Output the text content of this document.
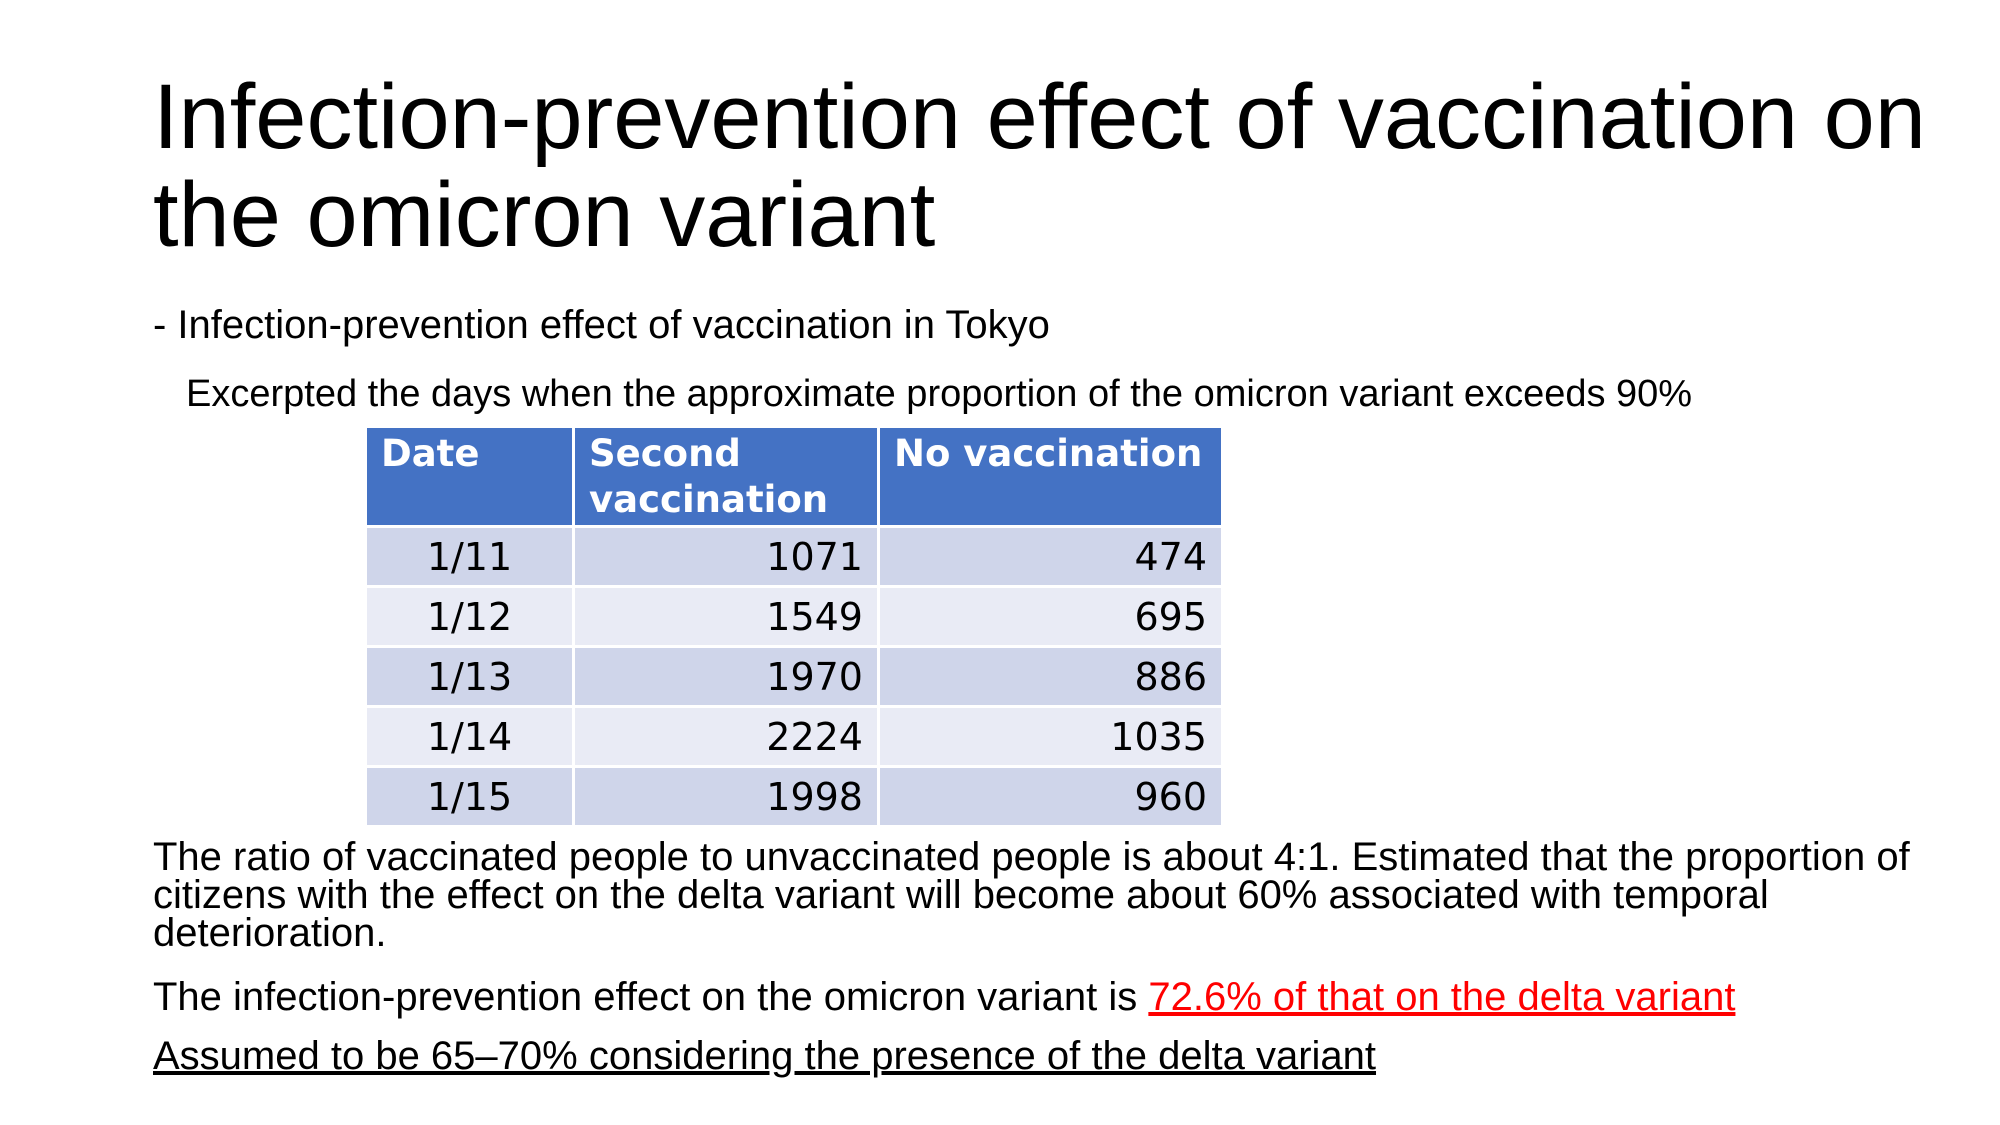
Infection-prevention effect of vaccination on the omicron variant
- Infection-prevention effect of vaccination in Tokyo
Excerpted the days when the approximate proportion of the omicron variant exceeds 90%
Date	Second vaccination	No vaccination
1/11	1071	474
1/12	1549	695
1/13	1970	886
1/14	2224	1035
1/15	1998	960
The ratio of vaccinated people to unvaccinated people is about 4:1. Estimated that the proportion of citizens with the effect on the delta variant will become about 60% associated with temporal deterioration.
The infection-prevention effect on the omicron variant is 72.6% of that on the delta variant
Assumed to be 65–70% considering the presence of the delta variant
